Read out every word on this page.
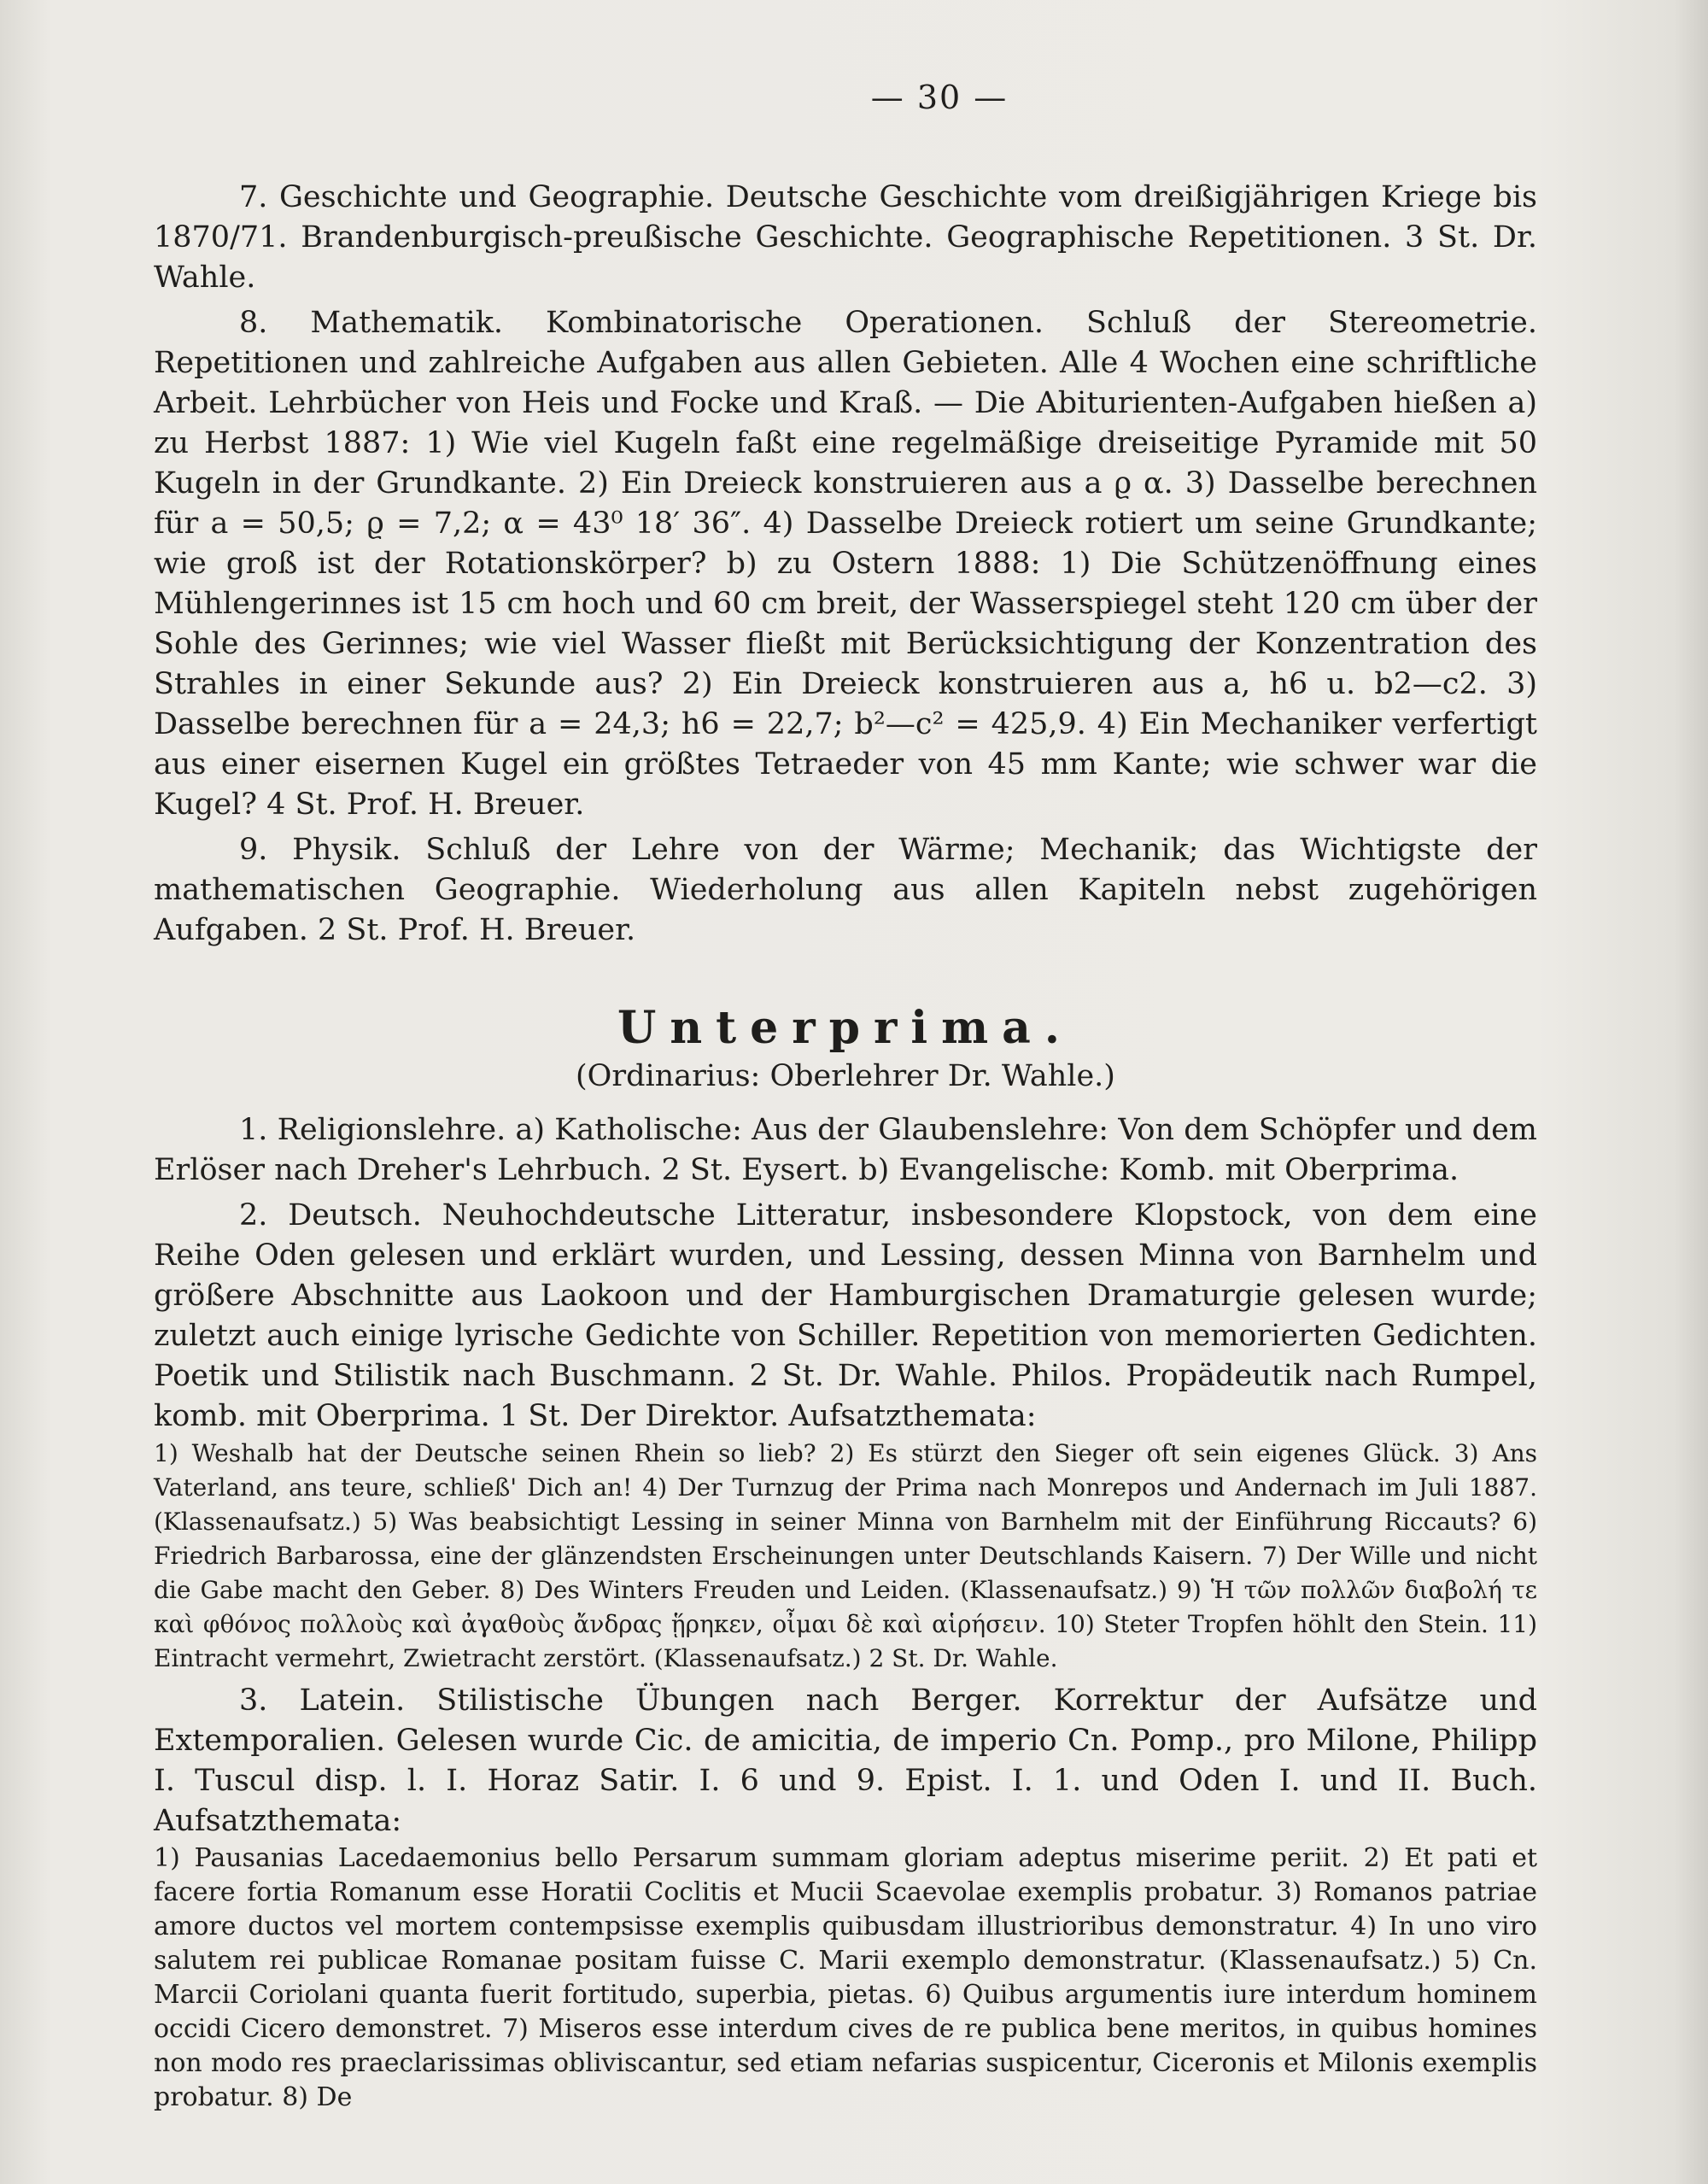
— 30 —

7. Geschichte und Geographie. Deutsche Geschichte vom dreißigjährigen Kriege bis 1870/71. Brandenburgisch-preußische Geschichte. Geographische Repetitionen. 3 St. Dr. Wahle.

8. Mathematik. Kombinatorische Operationen. Schluß der Stereometrie. Repetitionen und zahlreiche Aufgaben aus allen Gebieten. Alle 4 Wochen eine schriftliche Arbeit. Lehrbücher von Heis und Focke und Kraß. — Die Abiturienten-Aufgaben hießen a) zu Herbst 1887: 1) Wie viel Kugeln faßt eine regelmäßige dreiseitige Pyramide mit 50 Kugeln in der Grundkante. 2) Ein Dreieck konstruieren aus a ϱ α. 3) Dasselbe berechnen für a = 50,5; ϱ = 7,2; α = 43⁰ 18′ 36″. 4) Dasselbe Dreieck rotiert um seine Grundkante; wie groß ist der Rotationskörper? b) zu Ostern 1888: 1) Die Schützenöffnung eines Mühlengerinnes ist 15 cm hoch und 60 cm breit, der Wasserspiegel steht 120 cm über der Sohle des Gerinnes; wie viel Wasser fließt mit Berücksichtigung der Konzentration des Strahles in einer Sekunde aus? 2) Ein Dreieck konstruieren aus a, h6 u. b2—c2. 3) Dasselbe berechnen für a = 24,3; h6 = 22,7; b²—c² = 425,9. 4) Ein Mechaniker verfertigt aus einer eisernen Kugel ein größtes Tetraeder von 45 mm Kante; wie schwer war die Kugel? 4 St. Prof. H. Breuer.

9. Physik. Schluß der Lehre von der Wärme; Mechanik; das Wichtigste der mathematischen Geographie. Wiederholung aus allen Kapiteln nebst zugehörigen Aufgaben. 2 St. Prof. H. Breuer.

Unterprima.
(Ordinarius: Oberlehrer Dr. Wahle.)

1. Religionslehre. a) Katholische: Aus der Glaubenslehre: Von dem Schöpfer und dem Erlöser nach Dreher's Lehrbuch. 2 St. Eysert. b) Evangelische: Komb. mit Oberprima.

2. Deutsch. Neuhochdeutsche Litteratur, insbesondere Klopstock, von dem eine Reihe Oden gelesen und erklärt wurden, und Lessing, dessen Minna von Barnhelm und größere Abschnitte aus Laokoon und der Hamburgischen Dramaturgie gelesen wurde; zuletzt auch einige lyrische Gedichte von Schiller. Repetition von memorierten Gedichten. Poetik und Stilistik nach Buschmann. 2 St. Dr. Wahle. Philos. Propädeutik nach Rumpel, komb. mit Oberprima. 1 St. Der Direktor. Aufsatzthemata:

1) Weshalb hat der Deutsche seinen Rhein so lieb? 2) Es stürzt den Sieger oft sein eigenes Glück. 3) Ans Vaterland, ans teure, schließ' Dich an! 4) Der Turnzug der Prima nach Monrepos und Andernach im Juli 1887. (Klassenaufsatz.) 5) Was beabsichtigt Lessing in seiner Minna von Barnhelm mit der Einführung Riccauts? 6) Friedrich Barbarossa, eine der glänzendsten Erscheinungen unter Deutschlands Kaisern. 7) Der Wille und nicht die Gabe macht den Geber. 8) Des Winters Freuden und Leiden. (Klassenaufsatz.) 9) Ἡ τῶν πολλῶν διαβολή τε καὶ φθόνος πολλοὺς καὶ ἀγαθοὺς ἄνδρας ᾕρηκεν, οἶμαι δὲ καὶ αἱρήσειν. 10) Steter Tropfen höhlt den Stein. 11) Eintracht vermehrt, Zwietracht zerstört. (Klassenaufsatz.) 2 St. Dr. Wahle.

3. Latein. Stilistische Übungen nach Berger. Korrektur der Aufsätze und Extemporalien. Gelesen wurde Cic. de amicitia, de imperio Cn. Pomp., pro Milone, Philipp I. Tuscul disp. l. I. Horaz Satir. I. 6 und 9. Epist. I. 1. und Oden I. und II. Buch. Aufsatzthemata:

1) Pausanias Lacedaemonius bello Persarum summam gloriam adeptus miserime periit. 2) Et pati et facere fortia Romanum esse Horatii Coclitis et Mucii Scaevolae exemplis probatur. 3) Romanos patriae amore ductos vel mortem contempsisse exemplis quibusdam illustrioribus demonstratur. 4) In uno viro salutem rei publicae Romanae positam fuisse C. Marii exemplo demonstratur. (Klassenaufsatz.) 5) Cn. Marcii Coriolani quanta fuerit fortitudo, superbia, pietas. 6) Quibus argumentis iure interdum hominem occidi Cicero demonstret. 7) Miseros esse interdum cives de re publica bene meritos, in quibus homines non modo res praeclarissimas obliviscantur, sed etiam nefarias suspicentur, Ciceronis et Milonis exemplis probatur. 8) De
